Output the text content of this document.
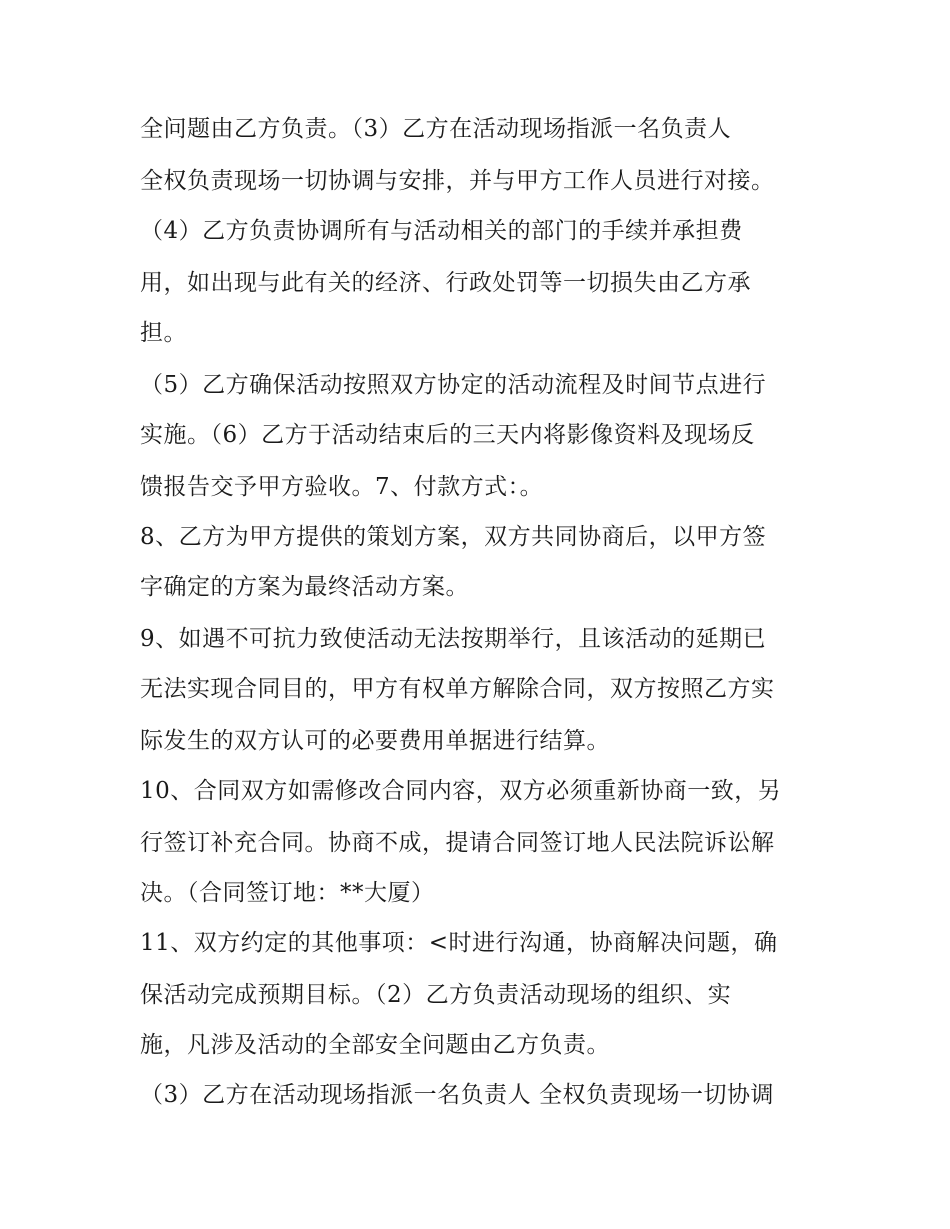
全问题由乙方负责。（3）乙方在活动现场指派一名负责人
全权负责现场一切协调与安排，并与甲方工作人员进行对接。
（4）乙方负责协调所有与活动相关的部门的手续并承担费
用，如出现与此有关的经济、行政处罚等一切损失由乙方承
担。
（5）乙方确保活动按照双方协定的活动流程及时间节点进行
实施。（6）乙方于活动结束后的三天内将影像资料及现场反
馈报告交予甲方验收。7、付款方式：。
8、乙方为甲方提供的策划方案，双方共同协商后，以甲方签
字确定的方案为最终活动方案。
9、如遇不可抗力致使活动无法按期举行，且该活动的延期已
无法实现合同目的，甲方有权单方解除合同，双方按照乙方实
际发生的双方认可的必要费用单据进行结算。
10、合同双方如需修改合同内容，双方必须重新协商一致，另
行签订补充合同。协商不成，提请合同签订地人民法院诉讼解
决。（合同签订地：**大厦）
11、双方约定的其他事项：<时进行沟通，协商解决问题，确
保活动完成预期目标。（2）乙方负责活动现场的组织、实
施，凡涉及活动的全部安全问题由乙方负责。
（3）乙方在活动现场指派一名负责人 全权负责现场一切协调
